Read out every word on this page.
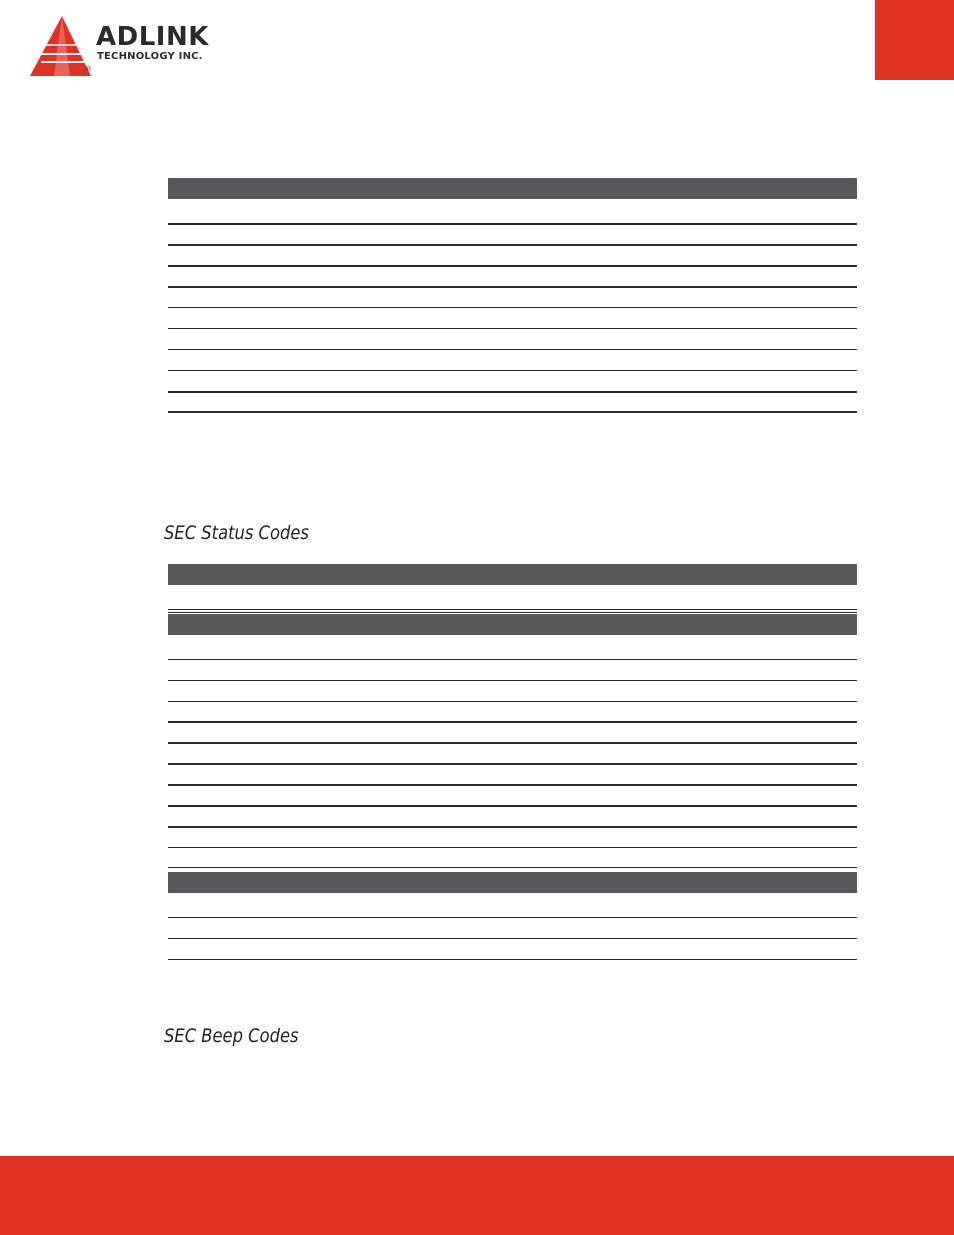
ADLINK
TECHNOLOGY INC.
®
SEC Status Codes
SEC Beep Codes
